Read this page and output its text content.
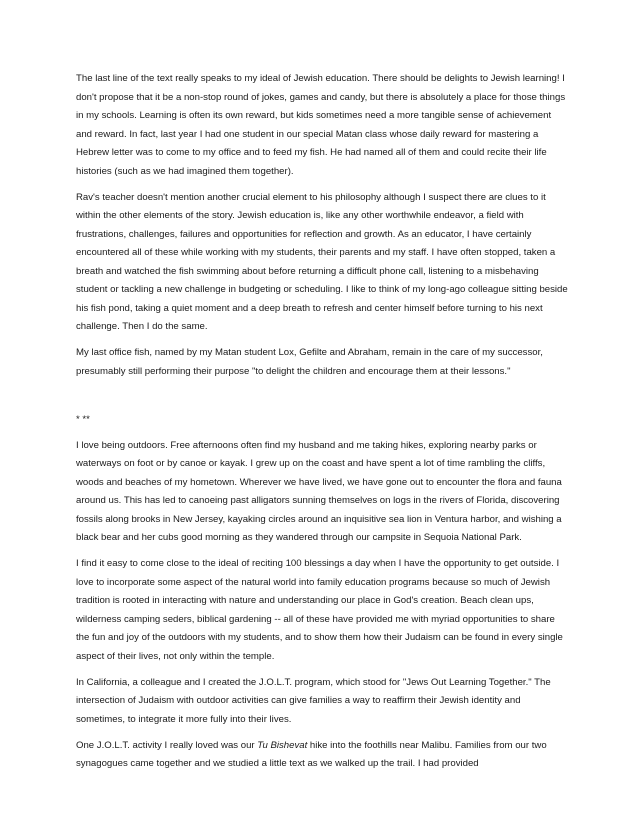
The last line of the text really speaks to my ideal of Jewish education. There should be delights to Jewish learning! I don't propose that it be a non-stop round of jokes, games and candy, but there is absolutely a place for those things in my schools. Learning is often its own reward, but kids sometimes need a more tangible sense of achievement and reward. In fact, last year I had one student in our special Matan class whose daily reward for mastering a Hebrew letter was to come to my office and to feed my fish. He had named all of them and could recite their life histories (such as we had imagined them together).

Rav's teacher doesn't mention another crucial element to his philosophy although I suspect there are clues to it within the other elements of the story. Jewish education is, like any other worthwhile endeavor, a field with frustrations, challenges, failures and opportunities for reflection and growth. As an educator, I have certainly encountered all of these while working with my students, their parents and my staff. I have often stopped, taken a breath and watched the fish swimming about before returning a difficult phone call, listening to a misbehaving student or tackling a new challenge in budgeting or scheduling. I like to think of my long-ago colleague sitting beside his fish pond, taking a quiet moment and a deep breath to refresh and center himself before turning to his next challenge. Then I do the same.

My last office fish, named by my Matan student Lox, Gefilte and Abraham, remain in the care of my successor, presumably still performing their purpose "to delight the children and encourage them at their lessons."

* **

I love being outdoors. Free afternoons often find my husband and me taking hikes, exploring nearby parks or waterways on foot or by canoe or kayak. I grew up on the coast and have spent a lot of time rambling the cliffs, woods and beaches of my hometown. Wherever we have lived, we have gone out to encounter the flora and fauna around us. This has led to canoeing past alligators sunning themselves on logs in the rivers of Florida, discovering fossils along brooks in New Jersey, kayaking circles around an inquisitive sea lion in Ventura harbor, and wishing a black bear and her cubs good morning as they wandered through our campsite in Sequoia National Park.

I find it easy to come close to the ideal of reciting 100 blessings a day when I have the opportunity to get outside. I love to incorporate some aspect of the natural world into family education programs because so much of Jewish tradition is rooted in interacting with nature and understanding our place in God's creation. Beach clean ups, wilderness camping seders, biblical gardening -- all of these have provided me with myriad opportunities to share the fun and joy of the outdoors with my students, and to show them how their Judaism can be found in every single aspect of their lives, not only within the temple.

In California, a colleague and I created the J.O.L.T. program, which stood for "Jews Out Learning Together." The intersection of Judaism with outdoor activities can give families a way to reaffirm their Jewish identity and sometimes, to integrate it more fully into their lives.

One J.O.L.T. activity I really loved was our Tu Bishevat hike into the foothills near Malibu. Families from our two synagogues came together and we studied a little text as we walked up the trail. I had provided
